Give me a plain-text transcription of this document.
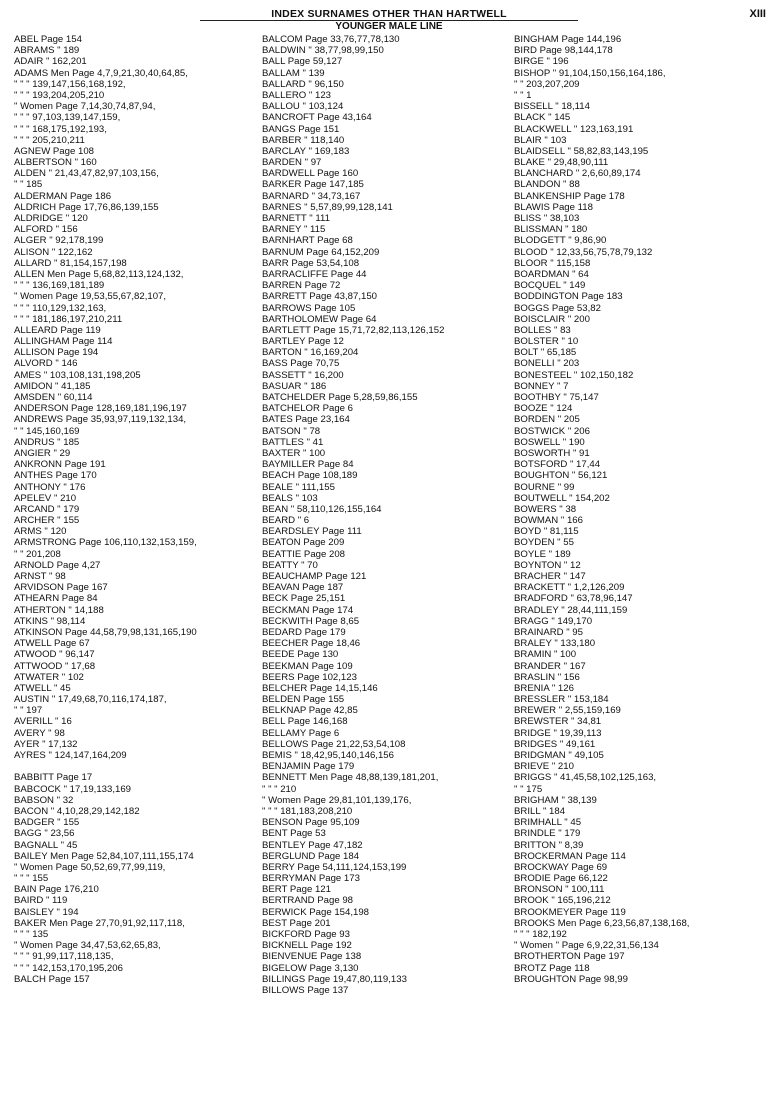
INDEX SURNAMES OTHER THAN HARTWELL
YOUNGER MALE LINE
XIII
ABEL Page 154
ABRAMS " 189
ADAIR " 162,201
ADAMS Men Page 4,7,9,21,30,40,64,85,
" " " 139,147,156,168,192,
" " " 193,204,205,210
" Women Page 7,14,30,74,87,94,
" " " 97,103,139,147,159,
" " " 168,175,192,193,
" " " 205,210,211
AGNEW Page 108
ALBERTSON " 160
ALDEN " 21,43,47,82,97,103,156,
" " 185
ALDERMAN Page 186
ALDRICH Page 17,76,86,139,155
ALDRIDGE " 120
ALFORD " 156
ALGER " 92,178,199
ALISON " 122,162
ALLARD " 81,154,157,198
ALLEN Men Page 5,68,82,113,124,132,
" " " 136,169,181,189
" Women Page 19,53,55,67,82,107,
" " " 110,129,132,163,
" " " 181,186,197,210,211
ALLEARD Page 119
ALLINGHAM Page 114
ALLISON Page 194
ALVORD " 146
AMES " 103,108,131,198,205
AMIDON " 41,185
AMSDEN " 60,114
ANDERSON Page 128,169,181,196,197
ANDREWS Page 35,93,97,119,132,134,
" " 145,160,169
ANDRUS " 185
ANGIER " 29
ANKRONN Page 191
ANTHES Page 170
ANTHONY " 176
APELEV " 210
ARCAND " 179
ARCHER " 155
ARMS " 120
ARMSTRONG Page 106,110,132,153,159,
" " 201,208
ARNOLD Page 4,27
ARNST " 98
ARVIDSON Page 167
ATHEARN Page 84
ATHERTON " 14,188
ATKINS " 98,114
ATKINSON Page 44,58,79,98,131,165,190
ATWELL Page 67
ATWOOD " 96,147
ATTWOOD " 17,68
ATWATER " 102
ATWELL " 45
AUSTIN " 17,49,68,70,116,174,187,
" " 197
AVERILL " 16
AVERY " 98
AYER " 17,132
AYRES " 124,147,164,209
BABBITT Page 17
BABCOCK " 17,19,133,169
BABSON " 32
BACON " 4,10,28,29,142,182
BADGER " 155
BAGG " 23,56
BAGNALL " 45
BAILEY Men Page 52,84,107,111,155,174
" Women Page 50,52,69,77,99,119,
" " " 155
BAIN Page 176,210
BAIRD " 119
BAISLEY " 194
BAKER Men Page 27,70,91,92,117,118,
" " " 135
" Women Page 34,47,53,62,65,83,
" " " 91,99,117,118,135,
" " " 142,153,170,195,206
BALCH Page 157
BALCOM Page 33,76,77,78,130
BALDWIN " 38,77,98,99,150
BALL Page 59,127
BALLAM " 139
BALLARD " 96,150
BALLERO " 123
BALLOU " 103,124
BANCROFT Page 43,164
BANGS Page 151
BARBER " 118,140
BARCLAY " 169,183
BARDEN " 97
BARDWELL Page 160
BARKER Page 147,185
BARNARD " 34,73,167
BARNES " 5,57,89,99,128,141
BARNETT " 111
BARNEY " 115
BARNHART Page 68
BARNUM Page 64,152,209
BARR Page 53,54,108
BARRACLIFFE Page 44
BARREN Page 72
BARRETT Page 43,87,150
BARROWS Page 105
BARTHOLOMEW Page 64
BARTLETT Page 15,71,72,82,113,126,152
BARTLEY Page 12
BARTON " 16,169,204
BASS Page 70,75
BASSETT " 16,200
BASUAR " 186
BATCHELDER Page 5,28,59,86,155
BATCHELOR Page 6
BATES Page 23,164
BATSON " 78
BATTLES " 41
BAXTER " 100
BAYMILLER Page 84
BEACH Page 108,189
BEALE " 111,155
BEALS " 103
BEAN " 58,110,126,155,164
BEARD " 6
BEARDSLEY Page 111
BEATON Page 209
BEATTIE Page 208
BEATTY " 70
BEAUCHAMP Page 121
BEAVAN Page 187
BECK Page 25,151
BECKMAN Page 174
BECKWITH Page 8,65
BEDARD Page 179
BEECHER Page 18,46
BEEDE Page 130
BEEKMAN Page 109
BEERS Page 102,123
BELCHER Page 14,15,146
BELDEN Page 155
BELKNAP Page 42,85
BELL Page 146,168
BELLAMY Page 6
BELLOWS Page 21,22,53,54,108
BEMIS " 18,42,95,140,146,156
BENJAMIN Page 179
BENNETT Men Page 48,88,139,181,201,
" " " 210
" Women Page 29,81,101,139,176,
" " " 181,183,208,210
BENSON Page 95,109
BENT Page 53
BENTLEY Page 47,182
BERGLUND Page 184
BERRY Page 54,111,124,153,199
BERRYMAN Page 173
BERT Page 121
BERTRAND Page 98
BERWICK Page 154,198
BEST Page 201
BICKFORD Page 93
BICKNELL Page 192
BIENVENUE Page 138
BIGELOW Page 3,130
BILLINGS Page 19,47,80,119,133
BILLOWS Page 137
BINGHAM Page 144,196
BIRD Page 98,144,178
BIRGE " 196
BISHOP " 91,104,150,156,164,186,
" " 203,207,209
" " 1
BISSELL " 18,114
BLACK " 145
BLACKWELL " 123,163,191
BLAIR " 103
BLAIDSELL " 58,82,83,143,195
BLAKE " 29,48,90,111
BLANCHARD " 2,6,60,89,174
BLANDON " 88
BLANKENSHIP Page 178
BLAWIS Page 118
BLISS " 38,103
BLISSMAN " 180
BLODGETT " 9,86,90
BLOOD " 12,33,56,75,78,79,132
BLOOR " 115,158
BOARDMAN " 64
BOCQUEL " 149
BODDINGTON Page 183
BOGGS Page 53,82
BOISCLAIR " 200
BOLLES " 83
BOLSTER " 10
BOLT " 65,185
BONELLI " 203
BONESTEEL " 102,150,182
BONNEY " 7
BOOTHBY " 75,147
BOOZE " 124
BORDEN " 205
BOSTWICK " 206
BOSWELL " 190
BOSWORTH " 91
BOTSFORD " 17,44
BOUGHTON " 56,121
BOURNE " 99
BOUTWELL " 154,202
BOWERS " 38
BOWMAN " 166
BOYD " 81,115
BOYDEN " 55
BOYLE " 189
BOYNTON " 12
BRACHER " 147
BRACKETT " 1,2,126,209
BRADFORD " 63,78,96,147
BRADLEY " 28,44,111,159
BRAGG " 149,170
BRAINARD " 95
BRALEY " 133,180
BRAMIN " 100
BRANDER " 167
BRASLIN " 156
BRENIA " 126
BRESSLER " 153,184
BREWER " 2,55,159,169
BREWSTER " 34,81
BRIDGE " 19,39,113
BRIDGES " 49,161
BRIDGMAN " 49,105
BRIEVE " 210
BRIGGS " 41,45,58,102,125,163,
" " 175
BRIGHAM " 38,139
BRILL " 184
BRIMHALL " 45
BRINDLE " 179
BRITTON " 8,39
BROCKERMAN Page 114
BROCKWAY Page 69
BRODIE Page 66,122
BRONSON " 100,111
BROOK " 165,196,212
BROOKMEYER Page 119
BROOKS Men Page 6,23,56,87,138,168,
" " " 182,192
" Women " Page 6,9,22,31,56,134
BROTHERTON Page 197
BROTZ Page 118
BROUGHTON Page 98,99
